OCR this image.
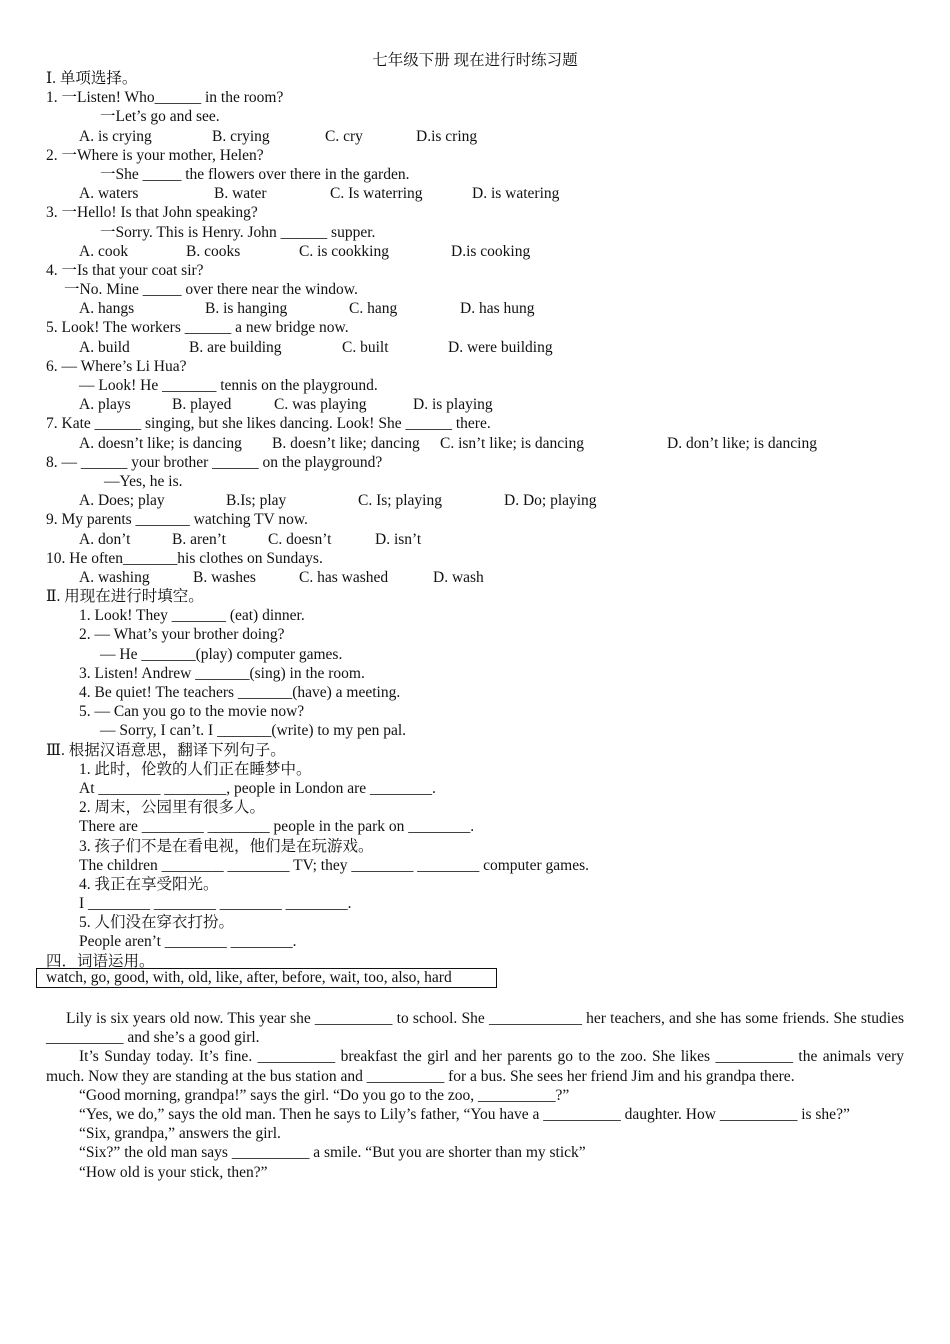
七年级下册 现在进行时练习题
Ⅰ. 单项选择。
1. 一Listen! Who______ in the room?
一Let’s go and see.

A. is crying

	B. crying

	C. cry

	D.is cring

2. 一Where is your mother, Helen?
一She _____ the flowers over there in the garden.

A. waters

	B. water

	C. Is waterring

	D. is watering

3. 一Hello! Is that John speaking?
一Sorry. This is Henry. John ______ supper.

A. cook

	B. cooks

	C. is cookking

	D.is cooking

4. 一Is that your coat sir?
一No. Mine _____ over there near the window.

A. hangs

	B. is hanging

	C. hang

	D. has hung

5. Look! The workers ______ a new bridge now.

A. build

	B. are building

	C. built

	D. were building

6. — Where’s Li Hua?
— Look! He _______ tennis on the playground.

A. plays

	B. played

	C. was playing

	D. is playing

7. Kate ______ singing, but she likes dancing. Look! She ______ there.

A. doesn’t like; is dancing

B. doesn’t like; dancing

C. isn’t like; is dancing

	D. don’t like; is dancing

8. — ______ your brother ______ on the playground?
—Yes, he is.

A. Does; play

	B.Is; play

	C. Is; playing

	D. Do; playing

9. My parents _______ watching TV now.

A. don’t

	B. aren’t

	C. doesn’t

	D. isn’t

10. He often_______his clothes on Sundays.

A. washing

	B. washes

	C. has washed

	D. wash

Ⅱ. 用现在进行时填空。
1. Look! They _______ (eat) dinner.
2. — What’s your brother doing?
— He _______(play) computer games.
3. Listen! Andrew _______(sing) in the room.
4. Be quiet! The teachers _______(have) a meeting.
5. — Can you go to the movie now?
— Sorry, I can’t. I _______(write) to my pen pal.
Ⅲ. 根据汉语意思，翻译下列句子。
1. 此时，伦敦的人们正在睡梦中。
At ________ ________, people in London are ________.
2. 周末，公园里有很多人。
There are ________ ________ people in the park on ________.
3. 孩子们不是在看电视，他们是在玩游戏。
The children ________ ________ TV; they ________ ________ computer games.
4. 我正在享受阳光。
I ________ ________ ________ ________.
5. 人们没在穿衣打扮。
People aren’t ________ ________.
四．词语运用。
watch, go, good, with, old, like, after, before, wait, too, also, hard

Lily is six years old now. This year she __________ to school. She ____________ her teachers, and she has some friends. She studies __________ and she’s a good girl.

It’s Sunday today. It’s fine. __________ breakfast the girl and her parents go to the zoo. She likes __________ the animals very much. Now they are standing at the bus station and __________ for a bus. She sees her friend Jim and his grandpa there.

“Good morning, grandpa!” says the girl. “Do you go to the zoo, __________?”

“Yes, we do,” says the old man. Then he says to Lily’s father, “You have a __________ daughter. How __________ is she?”

“Six, grandpa,” answers the girl.

“Six?” the old man says __________ a smile. “But you are shorter than my stick”

“How old is your stick, then?”
